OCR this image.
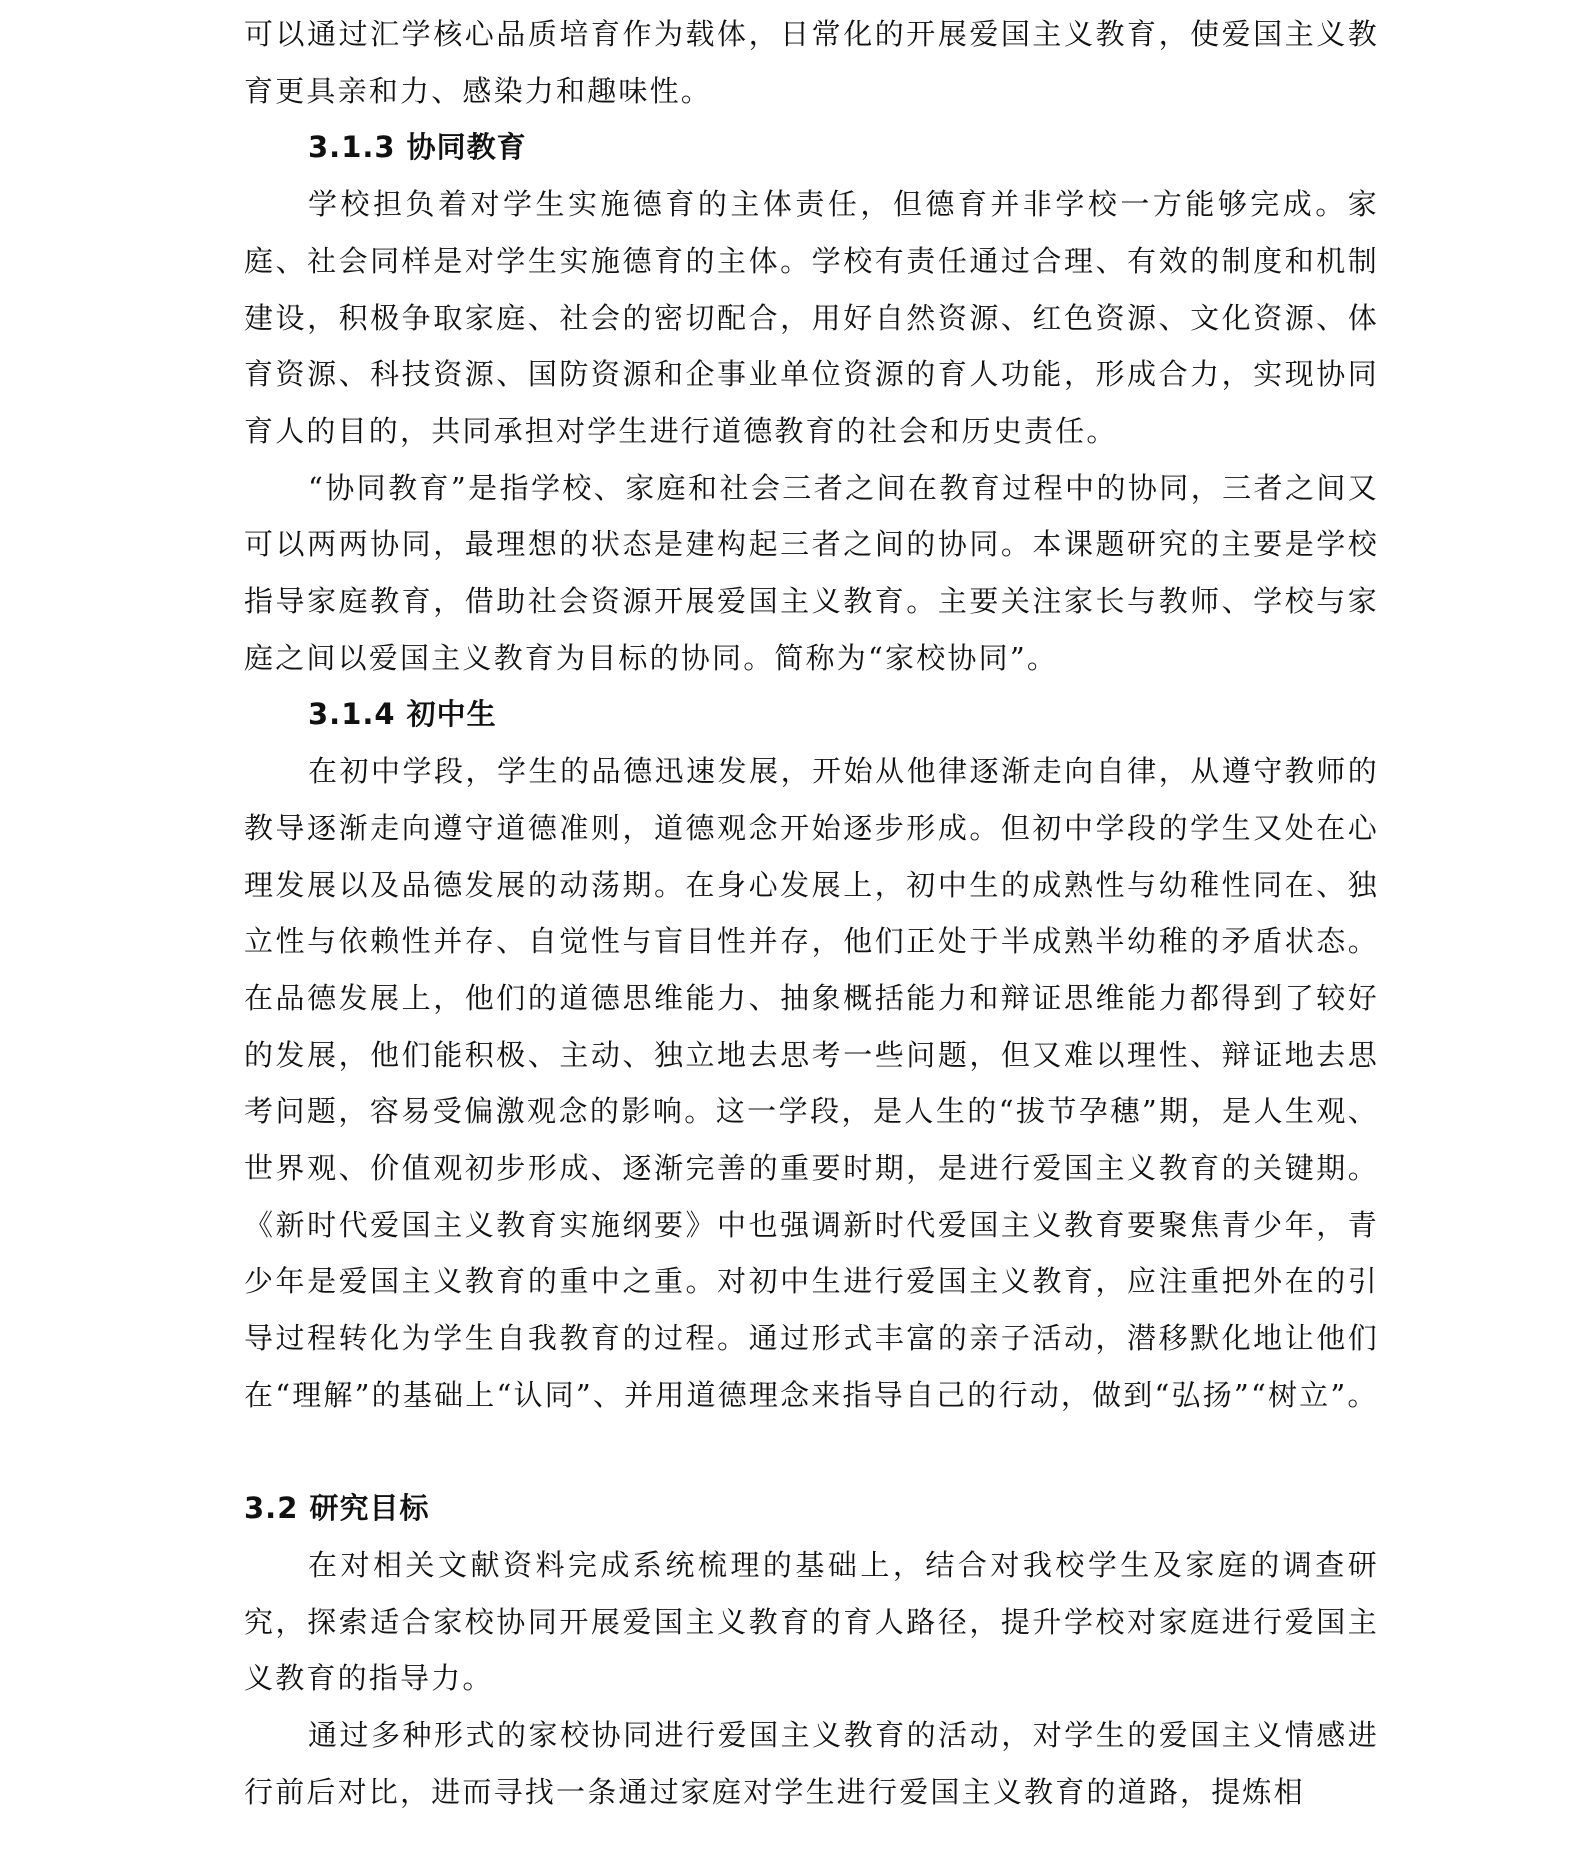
可以通过汇学核心品质培育作为载体，日常化的开展爱国主义教育，使爱国主义教育更具亲和力、感染力和趣味性。

3.1.3 协同教育

学校担负着对学生实施德育的主体责任，但德育并非学校一方能够完成。家庭、社会同样是对学生实施德育的主体。学校有责任通过合理、有效的制度和机制建设，积极争取家庭、社会的密切配合，用好自然资源、红色资源、文化资源、体育资源、科技资源、国防资源和企事业单位资源的育人功能，形成合力，实现协同育人的目的，共同承担对学生进行道德教育的社会和历史责任。

“协同教育”是指学校、家庭和社会三者之间在教育过程中的协同，三者之间又可以两两协同，最理想的状态是建构起三者之间的协同。本课题研究的主要是学校指导家庭教育，借助社会资源开展爱国主义教育。主要关注家长与教师、学校与家庭之间以爱国主义教育为目标的协同。简称为“家校协同”。

3.1.4 初中生

在初中学段，学生的品德迅速发展，开始从他律逐渐走向自律，从遵守教师的教导逐渐走向遵守道德准则，道德观念开始逐步形成。但初中学段的学生又处在心理发展以及品德发展的动荡期。在身心发展上，初中生的成熟性与幼稚性同在、独立性与依赖性并存、自觉性与盲目性并存，他们正处于半成熟半幼稚的矛盾状态。在品德发展上，他们的道德思维能力、抽象概括能力和辩证思维能力都得到了较好的发展，他们能积极、主动、独立地去思考一些问题，但又难以理性、辩证地去思考问题，容易受偏激观念的影响。这一学段，是人生的“拔节孕穗”期，是人生观、世界观、价值观初步形成、逐渐完善的重要时期，是进行爱国主义教育的关键期。《新时代爱国主义教育实施纲要》中也强调新时代爱国主义教育要聚焦青少年，青少年是爱国主义教育的重中之重。对初中生进行爱国主义教育，应注重把外在的引导过程转化为学生自我教育的过程。通过形式丰富的亲子活动，潜移默化地让他们在“理解”的基础上“认同”、并用道德理念来指导自己的行动，做到“弘扬”“树立”。

3.2 研究目标

在对相关文献资料完成系统梳理的基础上，结合对我校学生及家庭的调查研究，探索适合家校协同开展爱国主义教育的育人路径，提升学校对家庭进行爱国主义教育的指导力。

通过多种形式的家校协同进行爱国主义教育的活动，对学生的爱国主义情感进行前后对比，进而寻找一条通过家庭对学生进行爱国主义教育的道路，提炼相
